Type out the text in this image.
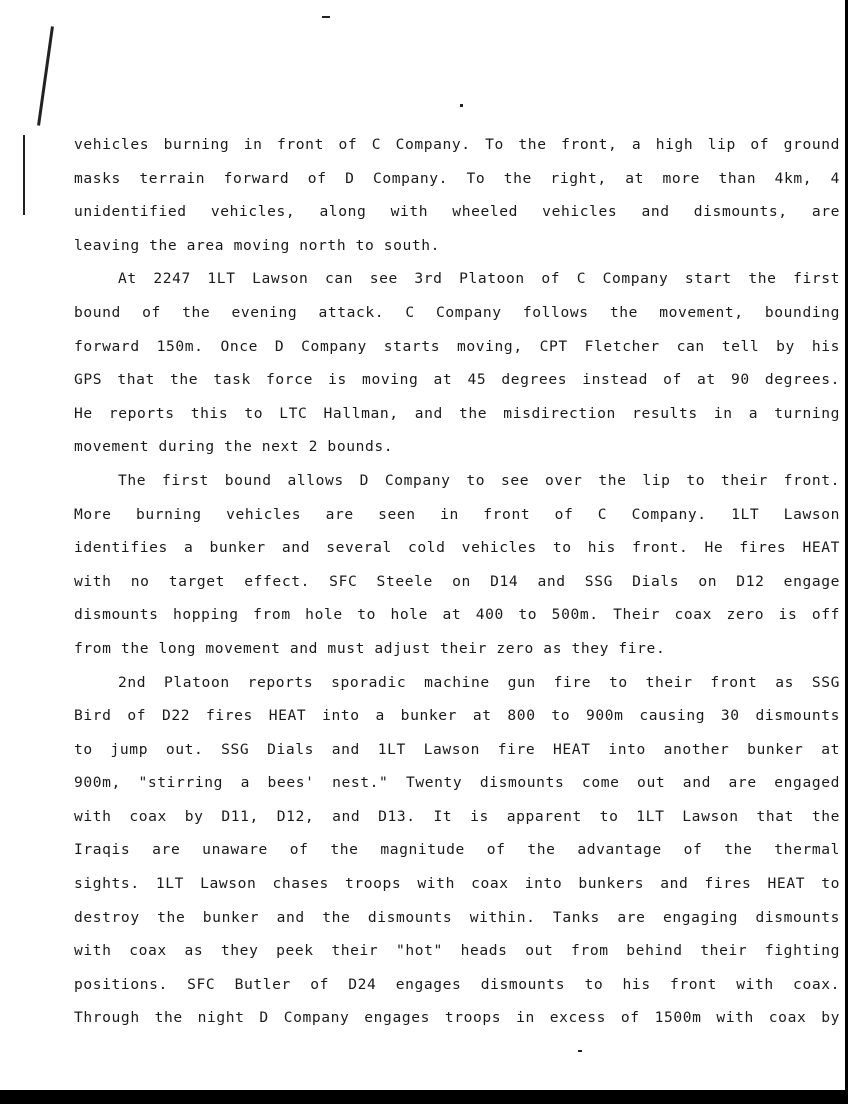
vehicles burning in front of C Company. To the front, a high lip of ground
masks terrain forward of D Company. To the right, at more than 4km, 4
unidentified vehicles, along with wheeled vehicles and dismounts, are
leaving the area moving north to south.
At 2247 1LT Lawson can see 3rd Platoon of C Company start the first
bound of the evening attack. C Company follows the movement, bounding
forward 150m. Once D Company starts moving, CPT Fletcher can tell by his
GPS that the task force is moving at 45 degrees instead of at 90 degrees.
He reports this to LTC Hallman, and the misdirection results in a turning
movement during the next 2 bounds.
The first bound allows D Company to see over the lip to their front.
More burning vehicles are seen in front of C Company. 1LT Lawson
identifies a bunker and several cold vehicles to his front. He fires HEAT
with no target effect. SFC Steele on D14 and SSG Dials on D12 engage
dismounts hopping from hole to hole at 400 to 500m. Their coax zero is off
from the long movement and must adjust their zero as they fire.
2nd Platoon reports sporadic machine gun fire to their front as SSG
Bird of D22 fires HEAT into a bunker at 800 to 900m causing 30 dismounts
to jump out. SSG Dials and 1LT Lawson fire HEAT into another bunker at
900m, "stirring a bees' nest." Twenty dismounts come out and are engaged
with coax by D11, D12, and D13. It is apparent to 1LT Lawson that the
Iraqis are unaware of the magnitude of the advantage of the thermal
sights. 1LT Lawson chases troops with coax into bunkers and fires HEAT to
destroy the bunker and the dismounts within. Tanks are engaging dismounts
with coax as they peek their "hot" heads out from behind their fighting
positions. SFC Butler of D24 engages dismounts to his front with coax.
Through the night D Company engages troops in excess of 1500m with coax by
